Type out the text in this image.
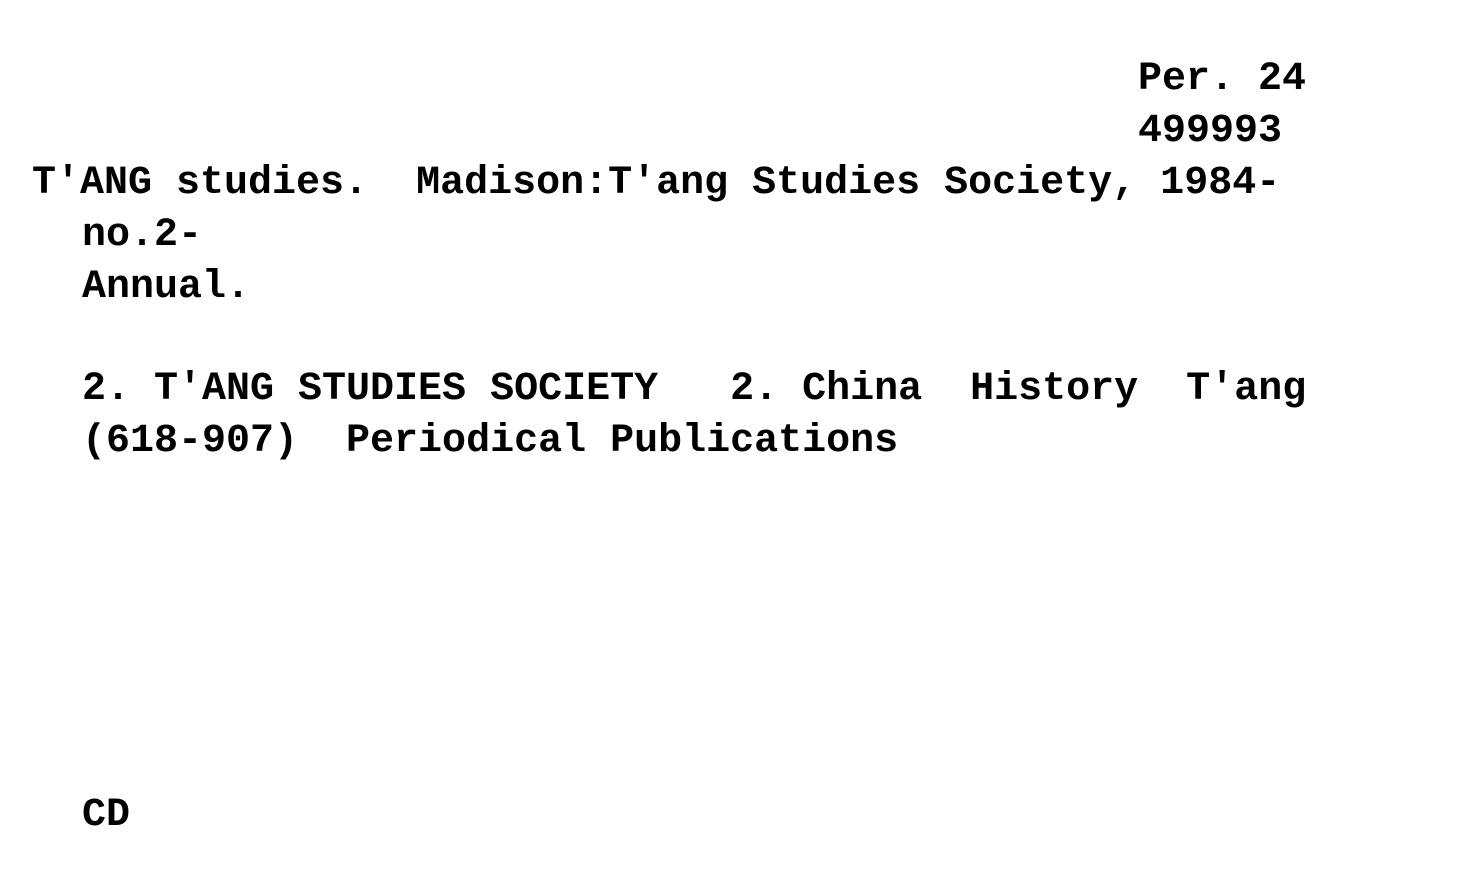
Per. 24
499993
T'ANG studies.  Madison:T'ang Studies Society, 1984-
no.2-
Annual.
2. T'ANG STUDIES SOCIETY   2. China  History  T'ang
(618-907)  Periodical Publications
CD
